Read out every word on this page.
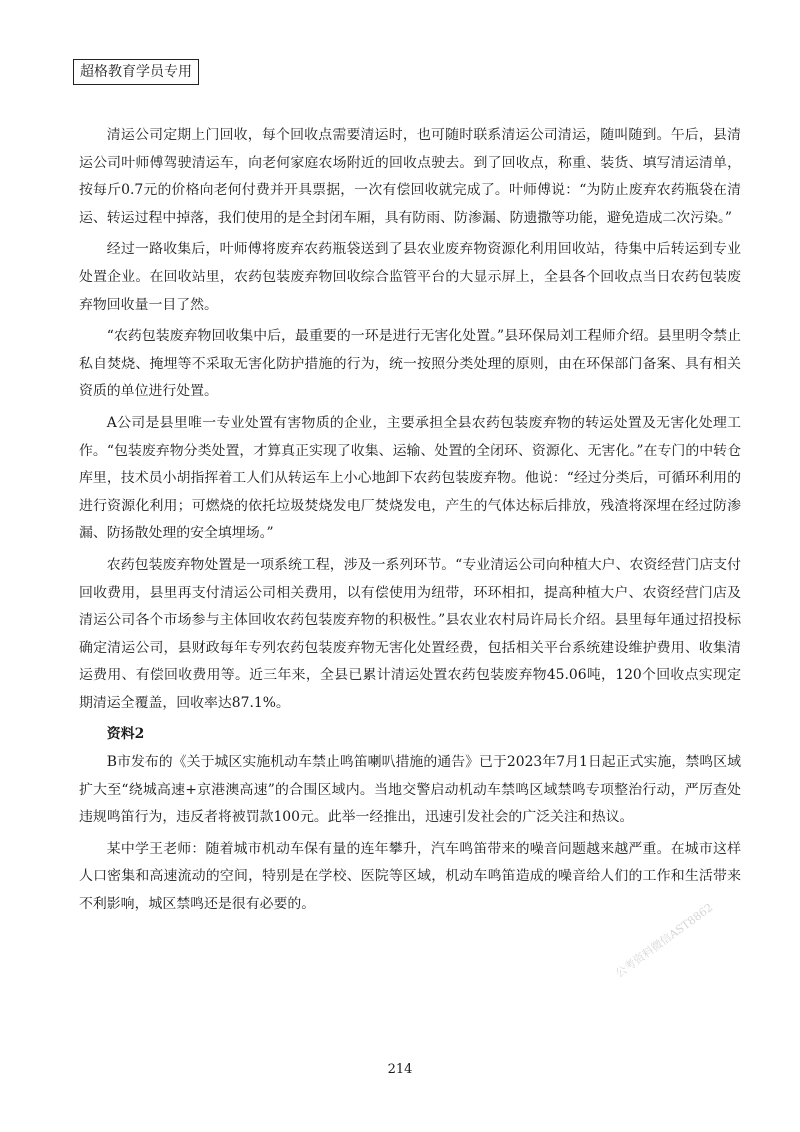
超格教育学员专用

清运公司定期上门回收，每个回收点需要清运时，也可随时联系清运公司清运，随叫随到。午后，县清运公司叶师傅驾驶清运车，向老何家庭农场附近的回收点驶去。到了回收点，称重、装货、填写清运清单，按每斤0.7元的价格向老何付费并开具票据，一次有偿回收就完成了。叶师傅说：“为防止废弃农药瓶袋在清运、转运过程中掉落，我们使用的是全封闭车厢，具有防雨、防渗漏、防遗撒等功能，避免造成二次污染。”

经过一路收集后，叶师傅将废弃农药瓶袋送到了县农业废弃物资源化利用回收站，待集中后转运到专业处置企业。在回收站里，农药包装废弃物回收综合监管平台的大显示屏上，全县各个回收点当日农药包装废弃物回收量一目了然。

“农药包装废弃物回收集中后，最重要的一环是进行无害化处置。”县环保局刘工程师介绍。县里明令禁止私自焚烧、掩埋等不采取无害化防护措施的行为，统一按照分类处理的原则，由在环保部门备案、具有相关资质的单位进行处置。

A公司是县里唯一专业处置有害物质的企业，主要承担全县农药包装废弃物的转运处置及无害化处理工作。“包装废弃物分类处置，才算真正实现了收集、运输、处置的全闭环、资源化、无害化。”在专门的中转仓库里，技术员小胡指挥着工人们从转运车上小心地卸下农药包装废弃物。他说：“经过分类后，可循环利用的进行资源化利用；可燃烧的依托垃圾焚烧发电厂焚烧发电，产生的气体达标后排放，残渣将深埋在经过防渗漏、防扬散处理的安全填埋场。”

农药包装废弃物处置是一项系统工程，涉及一系列环节。“专业清运公司向种植大户、农资经营门店支付回收费用，县里再支付清运公司相关费用，以有偿使用为纽带，环环相扣，提高种植大户、农资经营门店及清运公司各个市场参与主体回收农药包装废弃物的积极性。”县农业农村局许局长介绍。县里每年通过招投标确定清运公司，县财政每年专列农药包装废弃物无害化处置经费，包括相关平台系统建设维护费用、收集清运费用、有偿回收费用等。近三年来，全县已累计清运处置农药包装废弃物45.06吨，120个回收点实现定期清运全覆盖，回收率达87.1%。

资料2

B市发布的《关于城区实施机动车禁止鸣笛喇叭措施的通告》已于2023年7月1日起正式实施，禁鸣区域扩大至“绕城高速+京港澳高速”的合围区域内。当地交警启动机动车禁鸣区域禁鸣专项整治行动，严厉查处违规鸣笛行为，违反者将被罚款100元。此举一经推出，迅速引发社会的广泛关注和热议。

某中学王老师：随着城市机动车保有量的连年攀升，汽车鸣笛带来的噪音问题越来越严重。在城市这样人口密集和高速流动的空间，特别是在学校、医院等区域，机动车鸣笛造成的噪音给人们的工作和生活带来不利影响，城区禁鸣还是很有必要的。	公考资料微信AST8862
214
